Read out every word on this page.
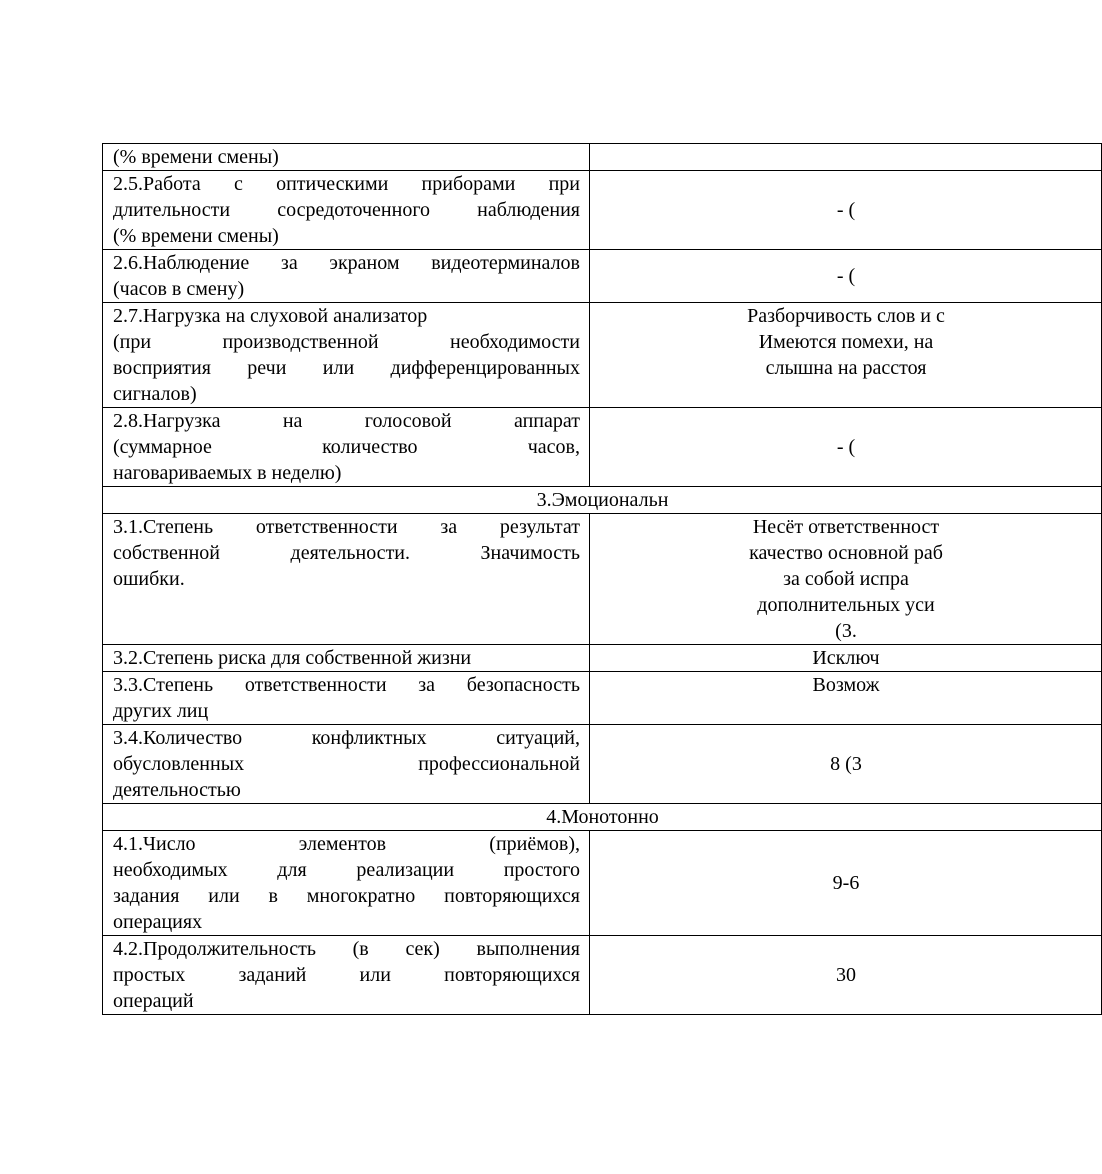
(% времени смены)	

2.5.Работа с оптическими приборами при
длительности сосредоточенного наблюдения
(% времени смены)	- (

2.6.Наблюдение за экраном видеотерминалов
(часов в смену)	- (

2.7.Нагрузка на слуховой анализатор
(при производственной необходимости
восприятия речи или дифференцированных
сигналов)	Разборчивость слов и с
Имеются помехи, на
слышна на расстоя

2.8.Нагрузка на голосовой аппарат
(суммарное количество часов,
наговариваемых в неделю)	- (

3.Эмоциональн	

3.1.Степень ответственности за результат
собственной деятельности. Значимость
ошибки.	Несёт ответственност
качество основной раб
за собой испра
дополнительных уси
(3.

3.2.Степень риска для собственной жизни	Исключ

3.3.Степень ответственности за безопасность
других лиц	Возмож

3.4.Количество конфликтных ситуаций,
обусловленных профессиональной
деятельностью	8 (3

4.Монотонно	

4.1.Число элементов (приёмов),
необходимых для реализации простого
задания или в многократно повторяющихся
операциях	9-6

4.2.Продолжительность (в сек) выполнения
простых заданий или повторяющихся
операций	30
